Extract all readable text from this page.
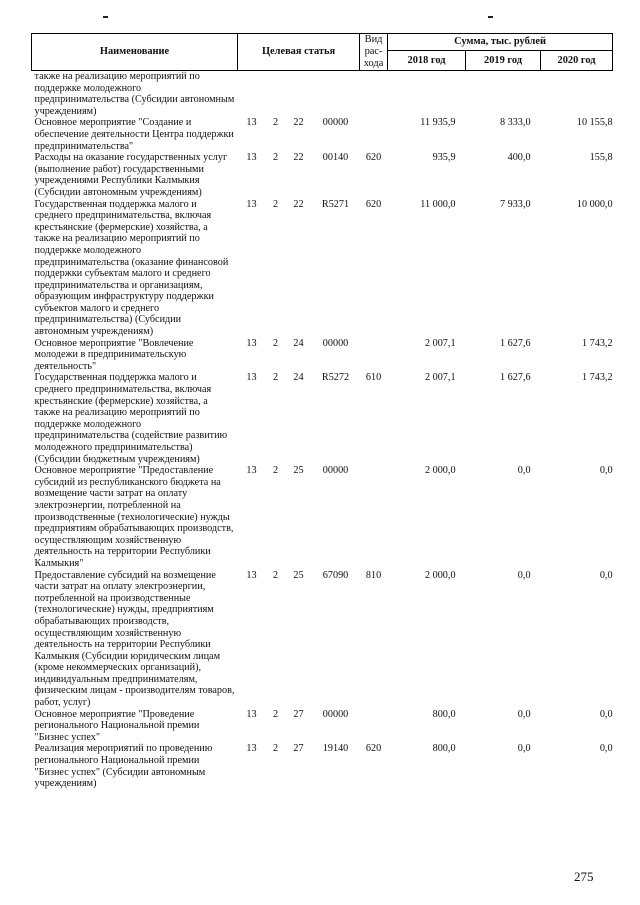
Наименование	Целевая статья				Вид рас-хода	Сумма, тыс. рублей		
						2018 год	2019 год	2020 год
также на реализацию мероприятий по поддержке молодежного предпринимательства (Субсидии автономным учреждениям)								
Основное мероприятие "Создание и обеспечение деятельности Центра поддержки предпринимательства"	13	2	22	00000		11 935,9	8 333,0	10 155,8
Расходы на оказание государственных услуг (выполнение работ) государственными учреждениями Республики Калмыкия (Субсидии автономным учреждениям)	13	2	22	00140	620	935,9	400,0	155,8
Государственная поддержка малого и среднего предпринимательства, включая крестьянские (фермерские) хозяйства, а также на реализацию мероприятий по поддержке молодежного предпринимательства (оказание финансовой поддержки субъектам малого и среднего предпринимательства и организациям, образующим инфраструктуру поддержки субъектов малого и среднего предпринимательства) (Субсидии автономным учреждениям)	13	2	22	R5271	620	11 000,0	7 933,0	10 000,0
Основное мероприятие "Вовлечение молодежи в предпринимательскую деятельность"	13	2	24	00000		2 007,1	1 627,6	1 743,2
Государственная поддержка малого и среднего предпринимательства, включая крестьянские (фермерские) хозяйства, а также на реализацию мероприятий по поддержке молодежного предпринимательства (содействие развитию молодежного предпринимательства) (Субсидии бюджетным учреждениям)	13	2	24	R5272	610	2 007,1	1 627,6	1 743,2
Основное мероприятие "Предоставление субсидий из республиканского бюджета на возмещение части затрат на оплату электроэнергии, потребленной на производственные (технологические) нужды предприятиям обрабатывающих производств, осуществляющим хозяйственную деятельность на территории Республики Калмыкия"	13	2	25	00000		2 000,0	0,0	0,0
Предоставление субсидий на возмещение части затрат на оплату электроэнергии, потребленной на производственные (технологические) нужды, предприятиям обрабатывающих производств, осуществляющим хозяйственную деятельность на территории Республики Калмыкия (Субсидии юридическим лицам (кроме некоммерческих организаций), индивидуальным предпринимателям, физическим лицам - производителям товаров, работ, услуг)	13	2	25	67090	810	2 000,0	0,0	0,0
Основное мероприятие "Проведение регионального Национальной премии "Бизнес успех"	13	2	27	00000		800,0	0,0	0,0
Реализация мероприятий по проведению регионального Национальной премии "Бизнес успех" (Субсидии автономным учреждениям)	13	2	27	19140	620	800,0	0,0	0,0
275
